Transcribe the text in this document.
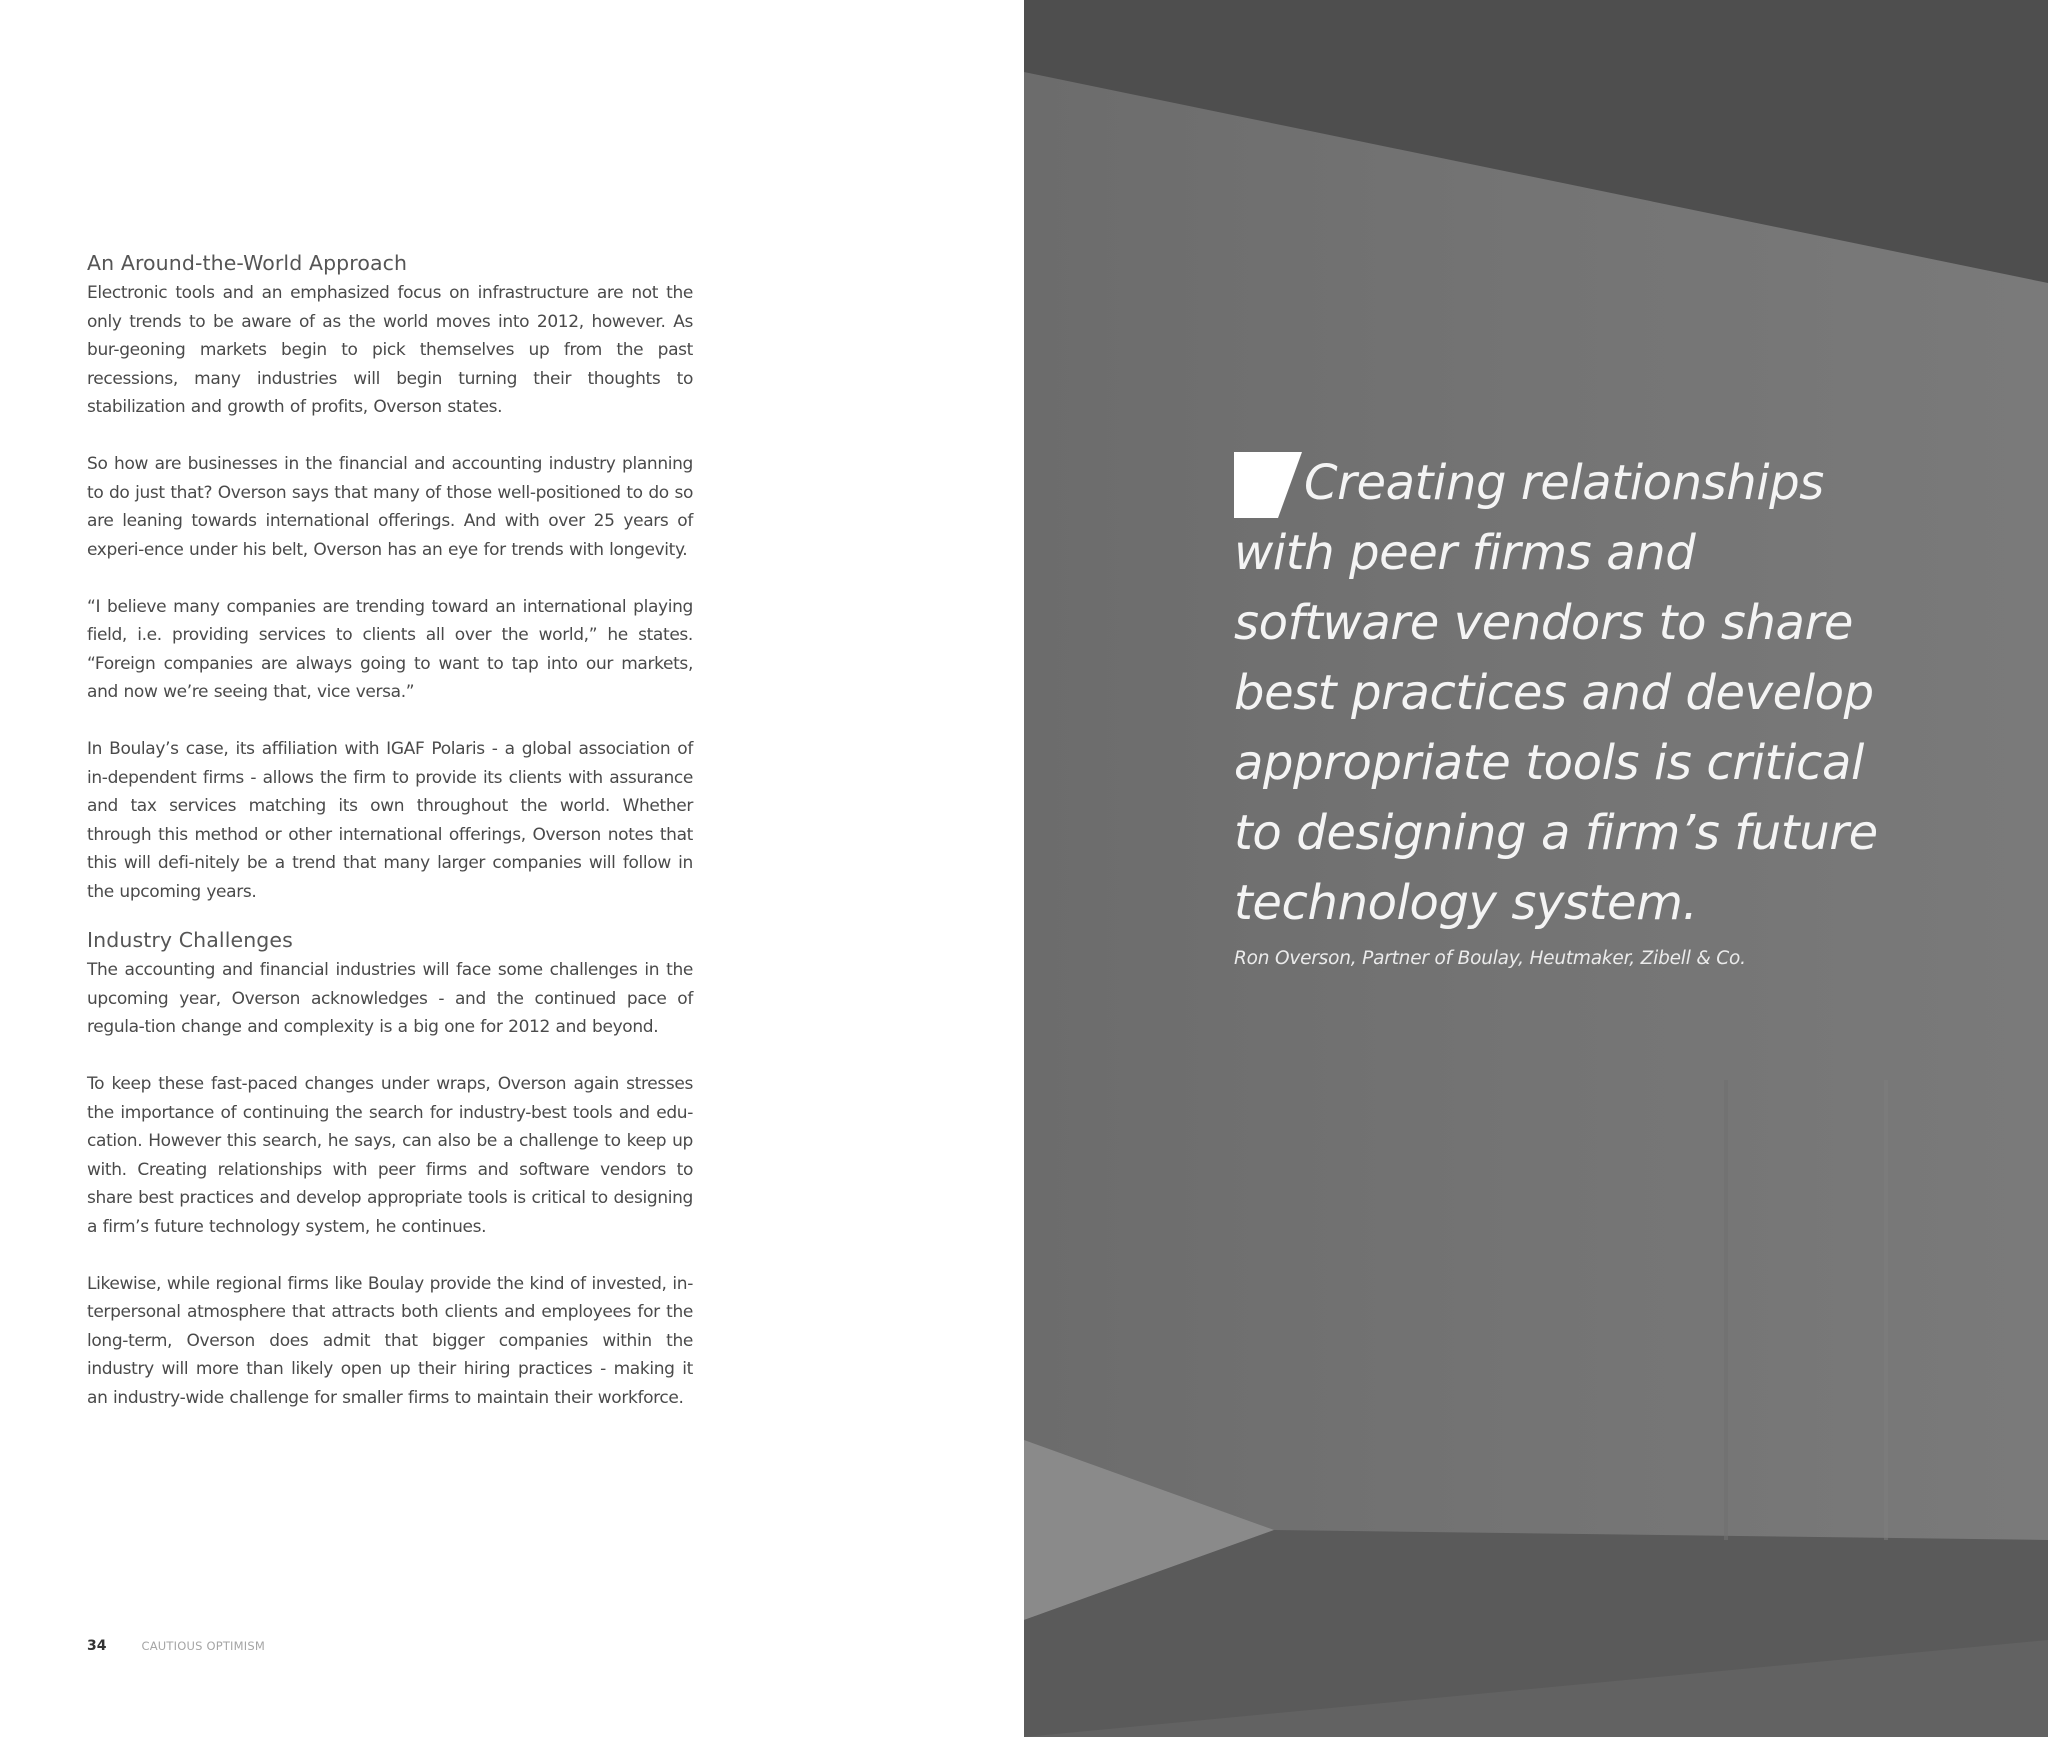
An Around-the-World Approach

Electronic tools and an emphasized focus on infrastructure are not the only trends to be aware of as the world moves into 2012, however. As bur-geoning markets begin to pick themselves up from the past recessions, many industries will begin turning their thoughts to stabilization and growth of profits, Overson states.

So how are businesses in the financial and accounting industry planning to do just that? Overson says that many of those well-positioned to do so are leaning towards international offerings. And with over 25 years of experi-ence under his belt, Overson has an eye for trends with longevity.

“I believe many companies are trending toward an international playing field, i.e. providing services to clients all over the world,” he states. “Foreign companies are always going to want to tap into our markets, and now we’re seeing that, vice versa.”

In Boulay’s case, its affiliation with IGAF Polaris - a global association of in-dependent firms - allows the firm to provide its clients with assurance and tax services matching its own throughout the world. Whether through this method or other international offerings, Overson notes that this will defi-nitely be a trend that many larger companies will follow in the upcoming years.

Industry Challenges

The accounting and financial industries will face some challenges in the upcoming year, Overson acknowledges - and the continued pace of regula-tion change and complexity is a big one for 2012 and beyond.

To keep these fast-paced changes under wraps, Overson again stresses the importance of continuing the search for industry-best tools and edu-cation. However this search, he says, can also be a challenge to keep up with. Creating relationships with peer firms and software vendors to share best practices and develop appropriate tools is critical to designing a firm’s future technology system, he continues.

Likewise, while regional firms like Boulay provide the kind of invested, in-terpersonal atmosphere that attracts both clients and employees for the long-term, Overson does admit that bigger companies within the industry will more than likely open up their hiring practices - making it an industry-wide challenge for smaller firms to maintain their workforce.

34	CAUTIOUS OPTIMISM
Creating relationships with peer firms and software vendors to share best practices and develop appropriate tools is critical to designing a firm’s future technology system.
Ron Overson, Partner of Boulay, Heutmaker, Zibell & Co.
